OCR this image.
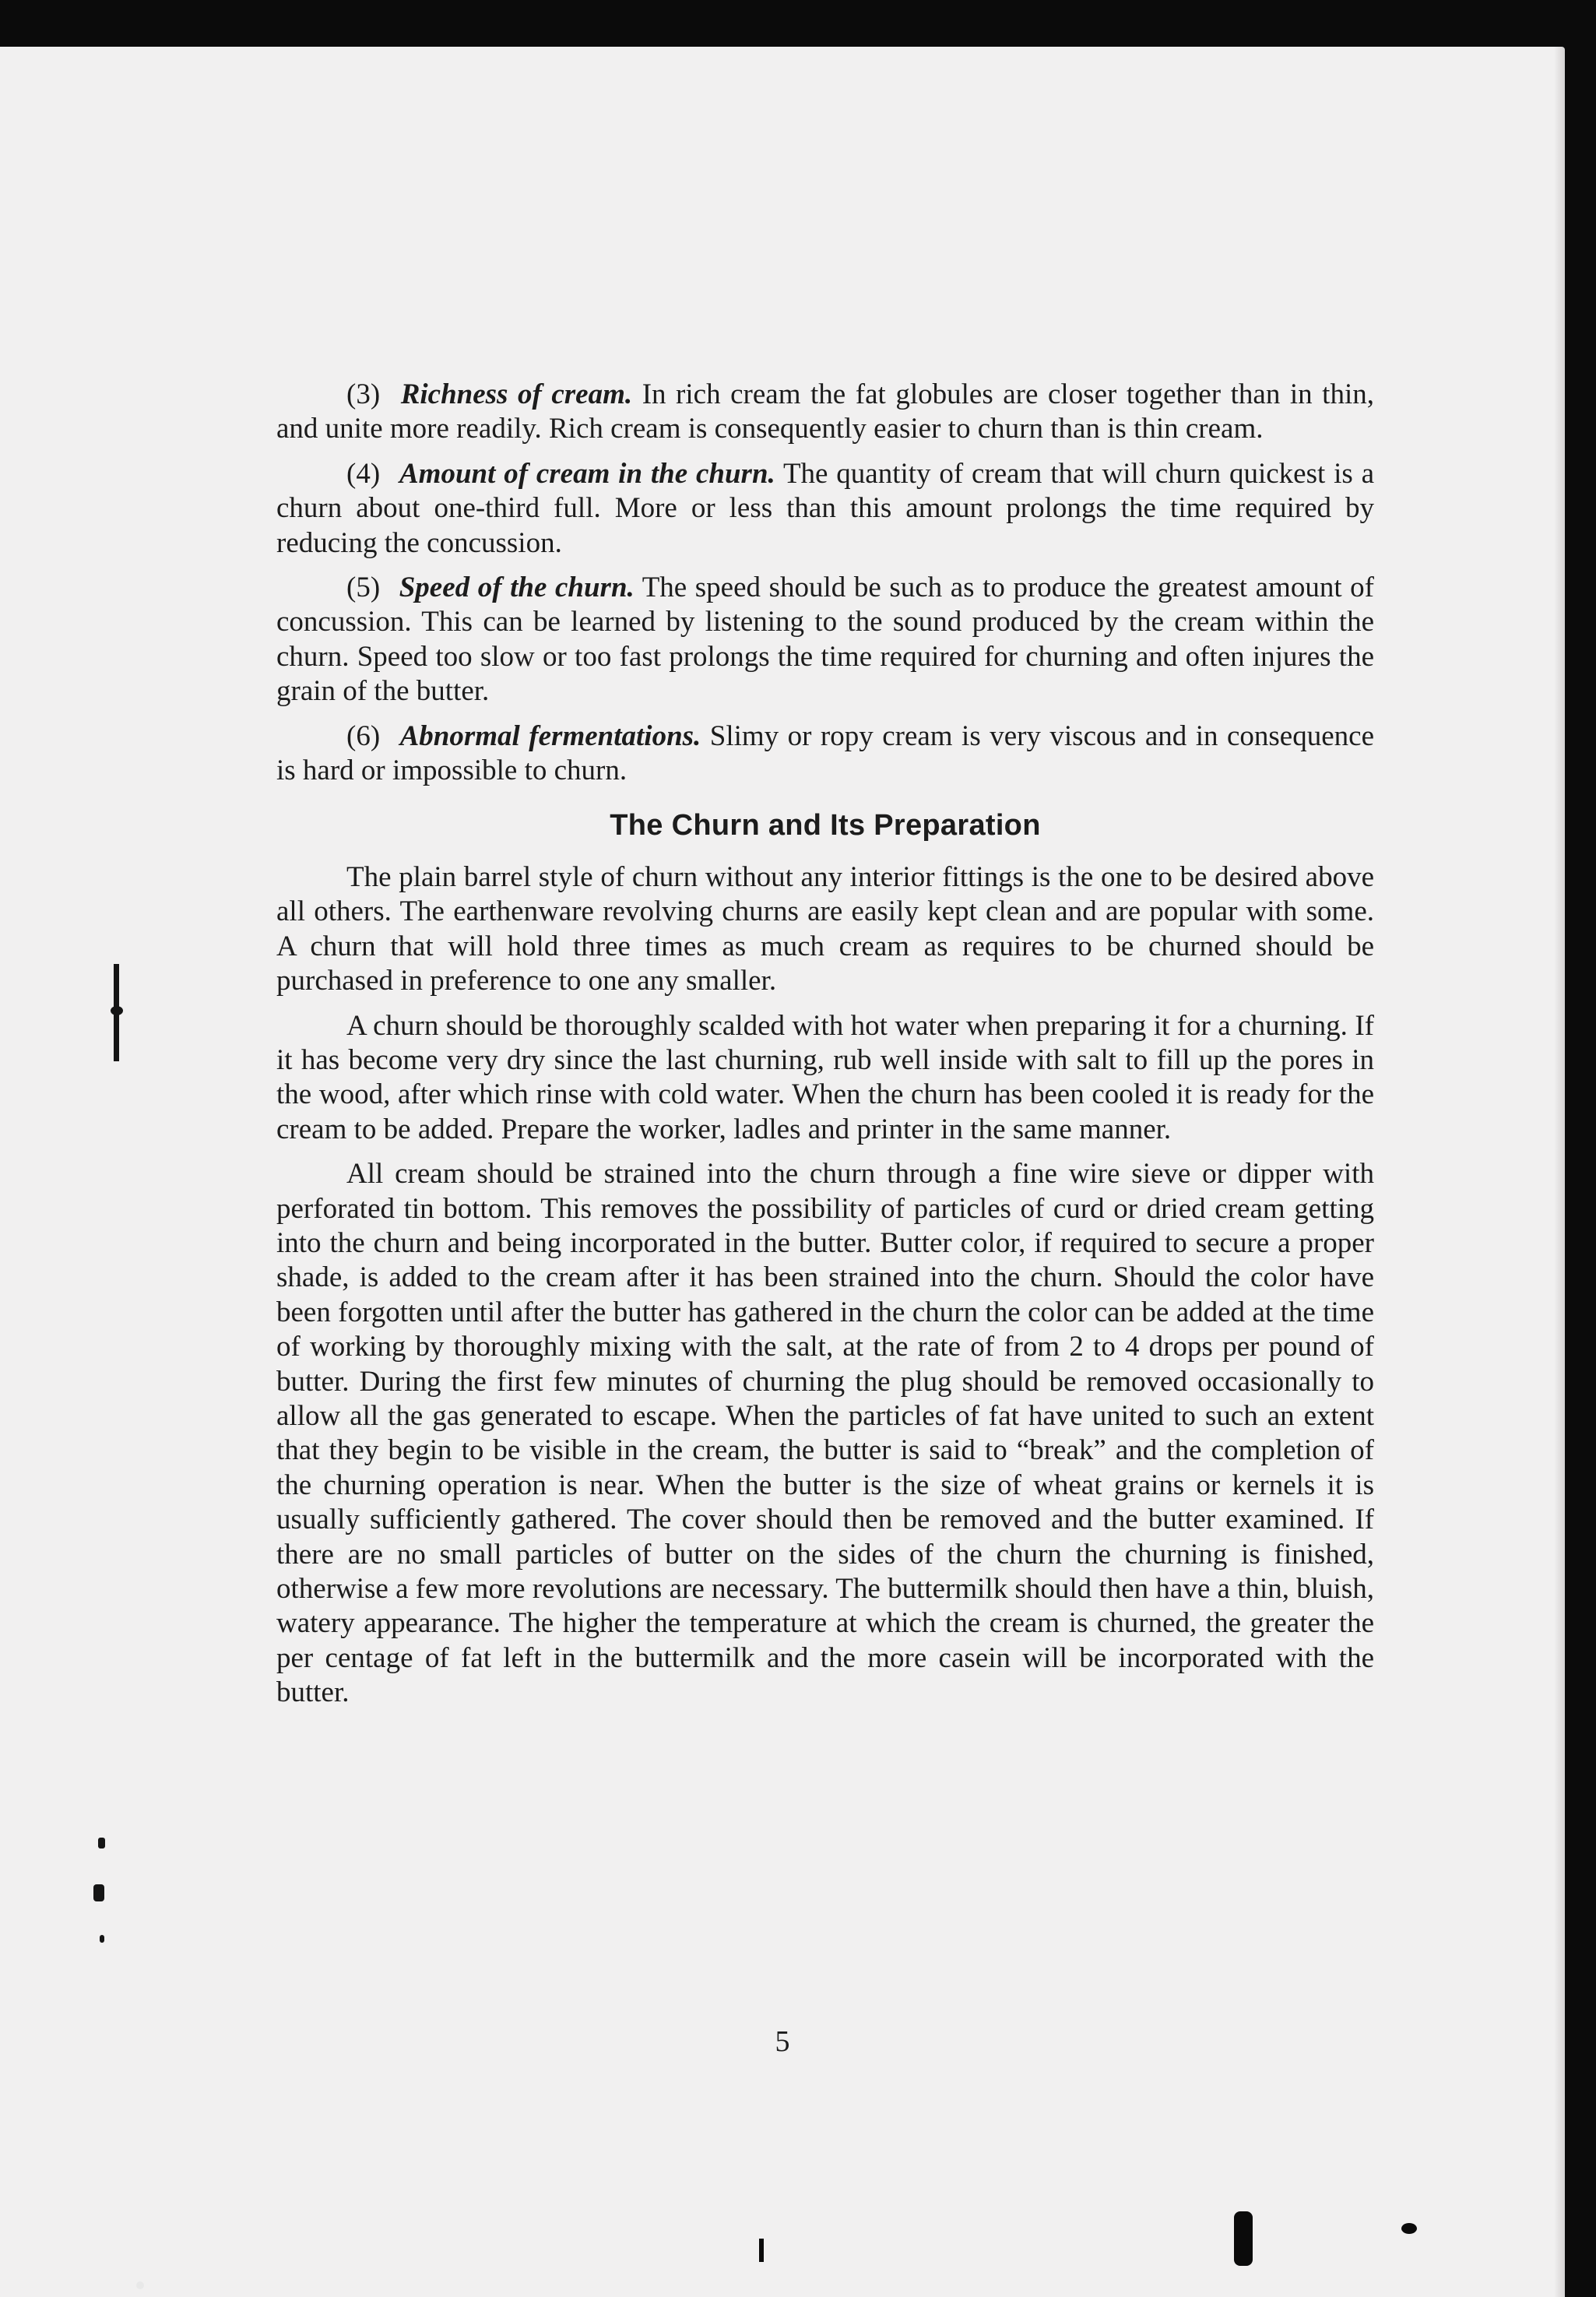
(3) Richness of cream. In rich cream the fat globules are closer together than in thin, and unite more readily. Rich cream is consequently easier to churn than is thin cream.

(4) Amount of cream in the churn. The quantity of cream that will churn quickest is a churn about one-third full. More or less than this amount prolongs the time required by reducing the concussion.

(5) Speed of the churn. The speed should be such as to produce the greatest amount of concussion. This can be learned by listening to the sound produced by the cream within the churn. Speed too slow or too fast prolongs the time required for churning and often injures the grain of the butter.

(6) Abnormal fermentations. Slimy or ropy cream is very viscous and in consequence is hard or impossible to churn.

The Churn and Its Preparation

The plain barrel style of churn without any interior fittings is the one to be desired above all others. The earthenware revolving churns are easily kept clean and are popular with some. A churn that will hold three times as much cream as requires to be churned should be purchased in preference to one any smaller.

A churn should be thoroughly scalded with hot water when preparing it for a churning. If it has become very dry since the last churning, rub well inside with salt to fill up the pores in the wood, after which rinse with cold water. When the churn has been cooled it is ready for the cream to be added. Prepare the worker, ladles and printer in the same manner.

All cream should be strained into the churn through a fine wire sieve or dipper with perforated tin bottom. This removes the possibility of particles of curd or dried cream getting into the churn and being incorporated in the butter. Butter color, if required to secure a proper shade, is added to the cream after it has been strained into the churn. Should the color have been forgotten until after the butter has gathered in the churn the color can be added at the time of working by thoroughly mixing with the salt, at the rate of from 2 to 4 drops per pound of butter. During the first few minutes of churning the plug should be removed occasionally to allow all the gas generated to escape. When the particles of fat have united to such an extent that they begin to be visible in the cream, the butter is said to “break” and the completion of the churning operation is near. When the butter is the size of wheat grains or kernels it is usually sufficiently gathered. The cover should then be removed and the butter examined. If there are no small particles of butter on the sides of the churn the churning is finished, otherwise a few more revolutions are necessary. The buttermilk should then have a thin, bluish, watery appearance. The higher the temperature at which the cream is churned, the greater the per centage of fat left in the buttermilk and the more casein will be incorporated with the butter.

5
